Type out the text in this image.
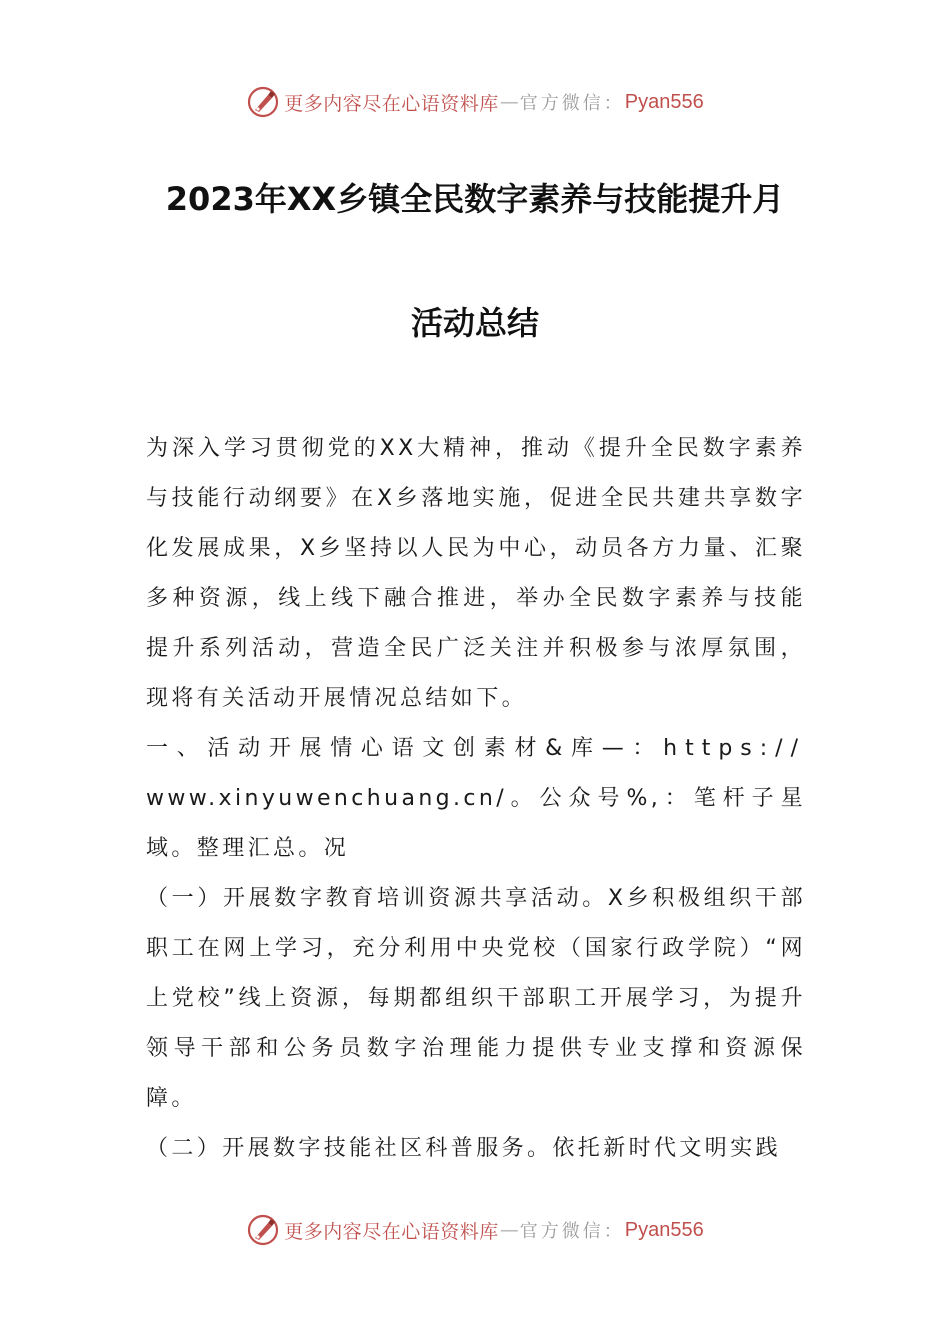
更多内容尽在心语资料库 — 官方微信： Pyan556
2023年XX乡镇全民数字素养与技能提升月
活动总结

为深入学习贯彻党的XX大精神，推动《提升全民数字素养与技能行动纲要》在X乡落地实施，促进全民共建共享数字化发展成果，X乡坚持以人民为中心，动员各方力量、汇聚多种资源，线上线下融合推进，举办全民数字素养与技能提升系列活动，营造全民广泛关注并积极参与浓厚氛围，现将有关活动开展情况总结如下。

一、活动开展情心语文创素材&库—：https://

www.xinyuwenchuang.cn/。公众号%,：笔杆子星域。整理汇总。况

（一）开展数字教育培训资源共享活动。X乡积极组织干部职工在网上学习，充分利用中央党校（国家行政学院）“网上党校”线上资源，每期都组织干部职工开展学习，为提升领导干部和公务员数字治理能力提供专业支撑和资源保障。

（二）开展数字技能社区科普服务。依托新时代文明实践

更多内容尽在心语资料库 — 官方微信： Pyan556
